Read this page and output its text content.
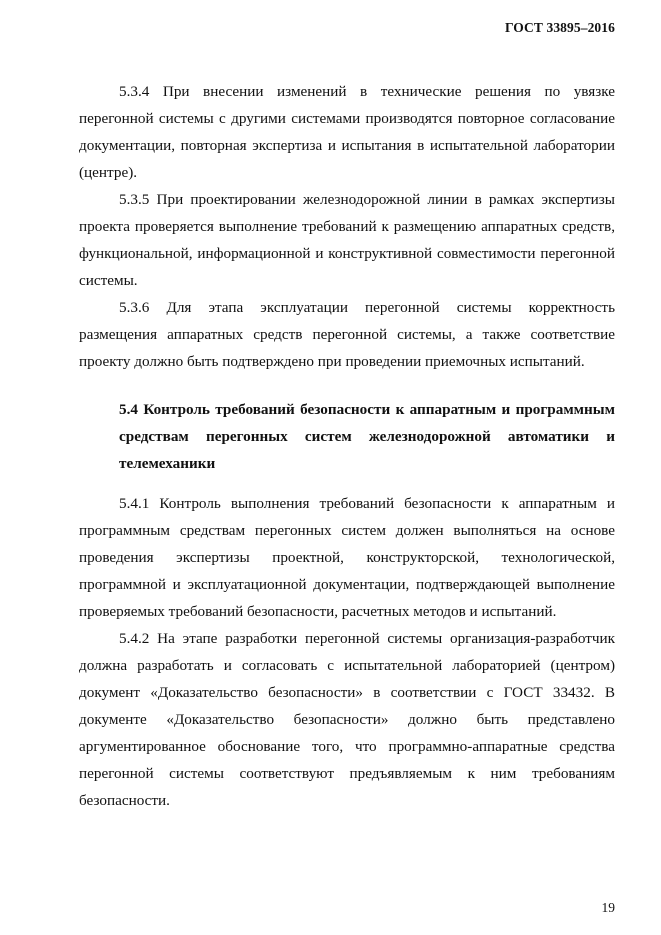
ГОСТ 33895–2016

5.3.4 При внесении изменений в технические решения по увязке перегонной системы с другими системами производятся повторное согласование документации, повторная экспертиза и испытания в испытательной лаборатории (центре).

5.3.5 При проектировании железнодорожной линии в рамках экспертизы проекта проверяется выполнение требований к размещению аппаратных средств, функциональной, информационной и конструктивной совместимости перегонной системы.

5.3.6 Для этапа эксплуатации перегонной системы корректность размещения аппаратных средств перегонной системы, а также соответствие проекту должно быть подтверждено при проведении приемочных испытаний.

5.4 Контроль требований безопасности к аппаратным и программным средствам перегонных систем железнодорожной автоматики и телемеханики

5.4.1 Контроль выполнения требований безопасности к аппаратным и программным средствам перегонных систем должен выполняться на основе проведения экспертизы проектной, конструкторской, технологической, программной и эксплуатационной документации, подтверждающей выполнение проверяемых требований безопасности, расчетных методов и испытаний.

5.4.2 На этапе разработки перегонной системы организация-разработчик должна разработать и согласовать с испытательной лабораторией (центром) документ «Доказательство безопасности» в соответствии с ГОСТ 33432. В документе «Доказательство безопасности» должно быть представлено аргументированное обоснование того, что программно-аппаратные средства перегонной системы соответствуют предъявляемым к ним требованиям безопасности.

19
